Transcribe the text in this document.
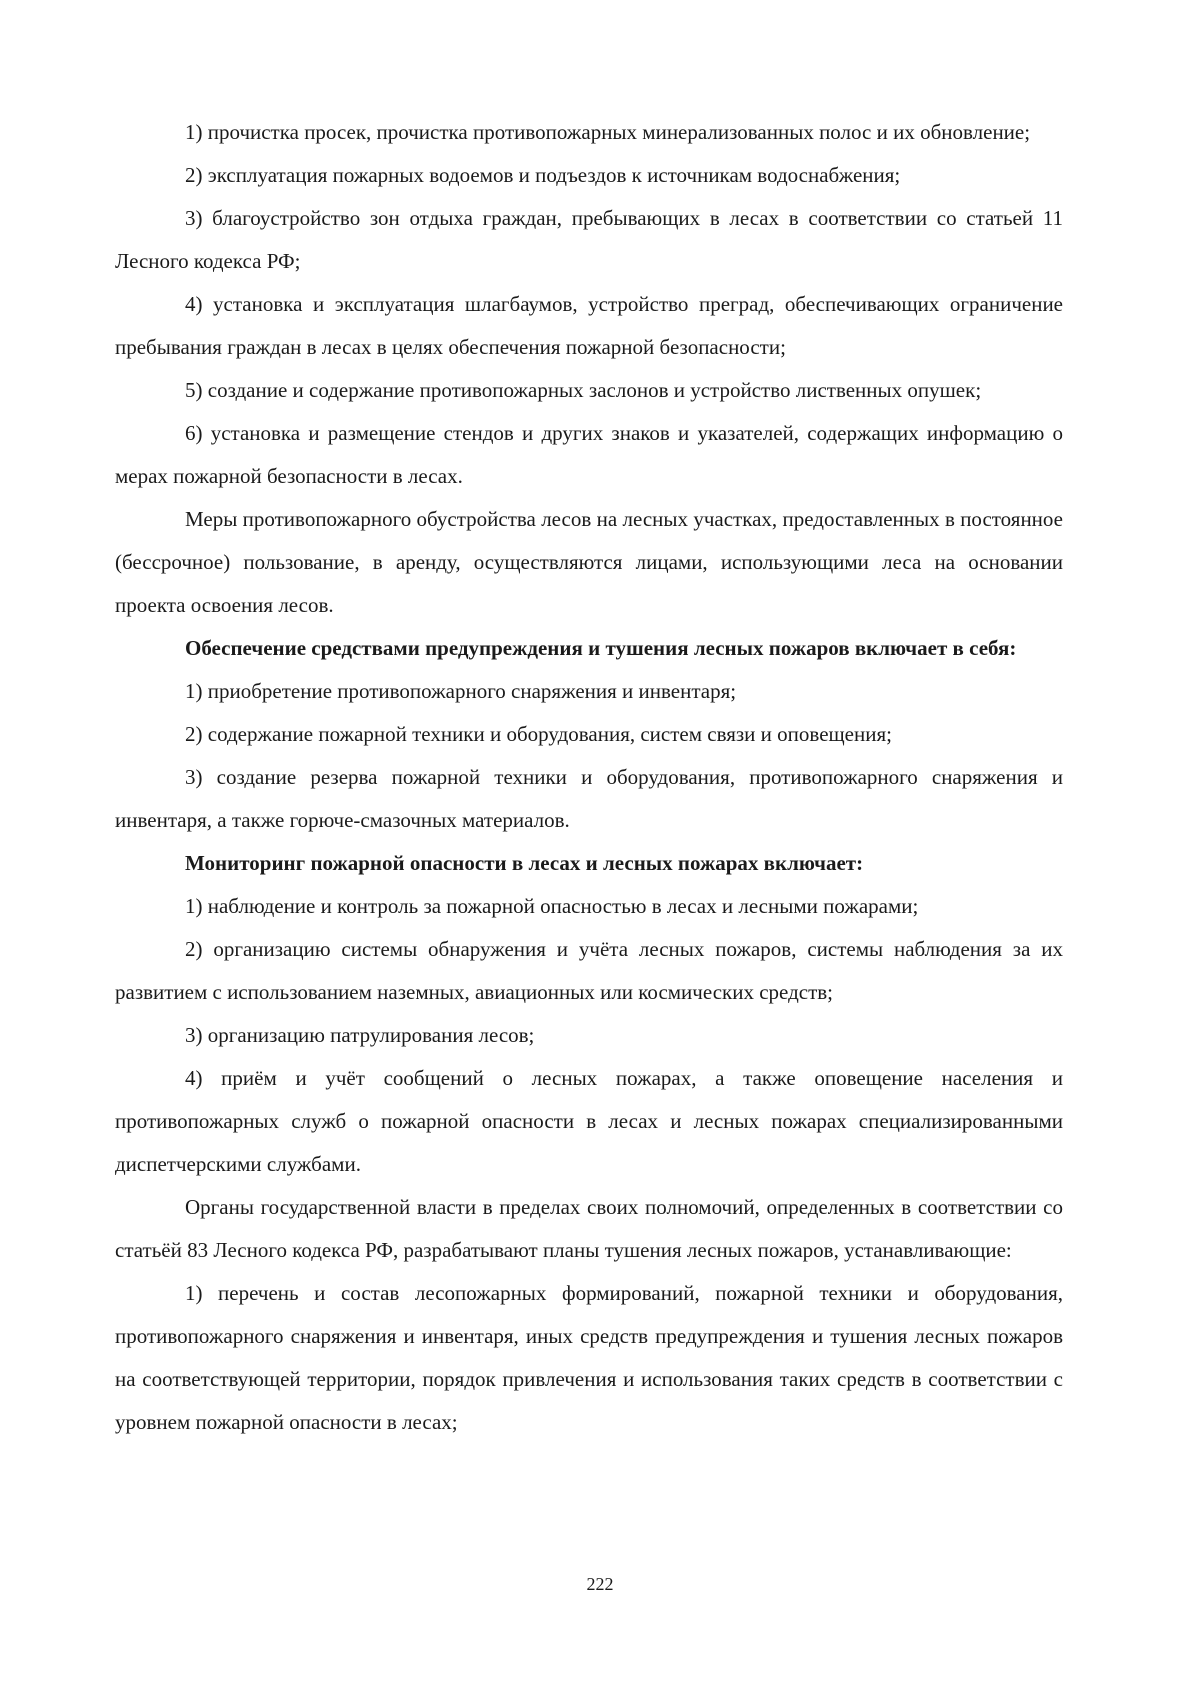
1) прочистка просек, прочистка противопожарных минерализованных полос и их обновление;

2) эксплуатация пожарных водоемов и подъездов к источникам водоснабжения;

3) благоустройство зон отдыха граждан, пребывающих в лесах в соответствии со статьей 11 Лесного кодекса РФ;

4) установка и эксплуатация шлагбаумов, устройство преград, обеспечивающих ограничение пребывания граждан в лесах в целях обеспечения пожарной безопасности;

5) создание и содержание противопожарных заслонов и устройство лиственных опушек;

6) установка и размещение стендов и других знаков и указателей, содержащих информацию о мерах пожарной безопасности в лесах.

Меры противопожарного обустройства лесов на лесных участках, предоставленных в постоянное (бессрочное) пользование, в аренду, осуществляются лицами, использующими леса на основании проекта освоения лесов.

Обеспечение средствами предупреждения и тушения лесных пожаров включает в себя:

1) приобретение противопожарного снаряжения и инвентаря;

2) содержание пожарной техники и оборудования, систем связи и оповещения;

3) создание резерва пожарной техники и оборудования, противопожарного снаряжения и инвентаря, а также горюче-смазочных материалов.

Мониторинг пожарной опасности в лесах и лесных пожарах включает:

1) наблюдение и контроль за пожарной опасностью в лесах и лесными пожарами;

2) организацию системы обнаружения и учёта лесных пожаров, системы наблюдения за их развитием с использованием наземных, авиационных или космических средств;

3) организацию патрулирования лесов;

4) приём и учёт сообщений о лесных пожарах, а также оповещение населения и противопожарных служб о пожарной опасности в лесах и лесных пожарах специализированными диспетчерскими службами.

Органы государственной власти в пределах своих полномочий, определенных в соответствии со статьёй 83 Лесного кодекса РФ, разрабатывают планы тушения лесных пожаров, устанавливающие:

1) перечень и состав лесопожарных формирований, пожарной техники и оборудования, противопожарного снаряжения и инвентаря, иных средств предупреждения и тушения лесных пожаров на соответствующей территории, порядок привлечения и использования таких средств в соответствии с уровнем пожарной опасности в лесах;

222
